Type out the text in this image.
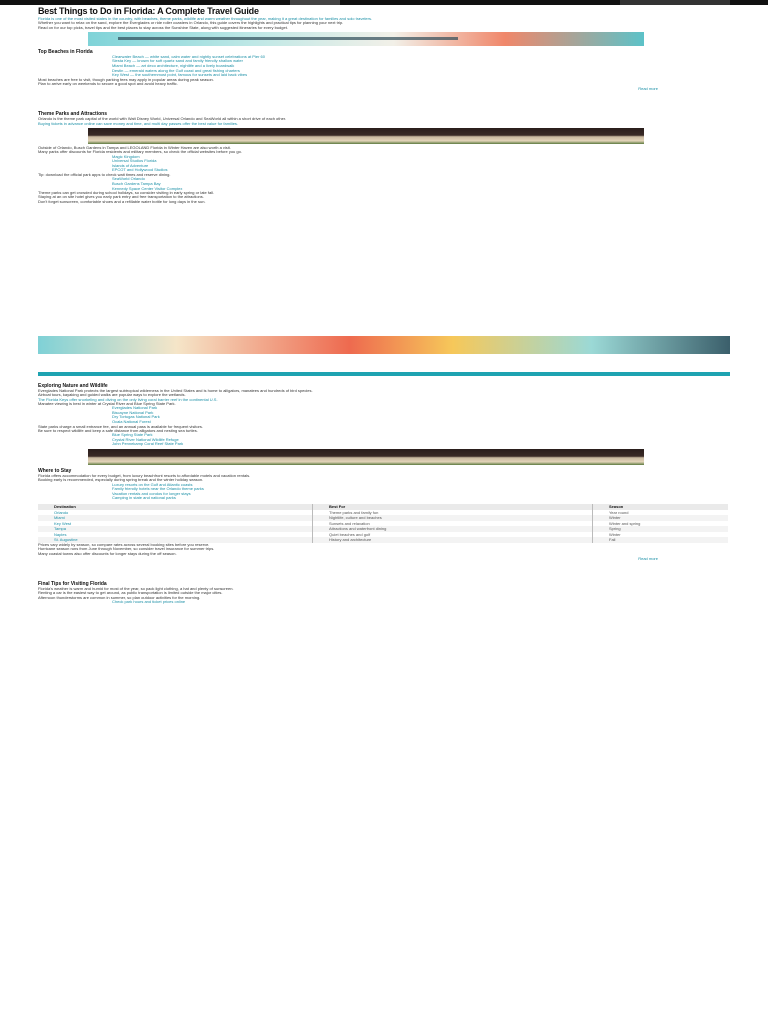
Best Things to Do in Florida: A Complete Travel Guide
Florida is one of the most visited states in the country, with beaches, theme parks, wildlife and warm weather throughout the year, making it a great destination for families and solo travelers.
Whether you want to relax on the sand, explore the Everglades or ride roller coasters in Orlando, this guide covers the highlights and practical tips for planning your next trip.
Read on for our top picks, travel tips and the best places to stay across the Sunshine State, along with suggested itineraries for every budget.
Top Beaches in Florida
Clearwater Beach — white sand, calm water and nightly sunset celebrations at Pier 60
Siesta Key — known for soft quartz sand and family friendly shallow water
Miami Beach — art deco architecture, nightlife and a lively boardwalk
Destin — emerald waters along the Gulf coast and great fishing charters
Key West — the southernmost point, famous for sunsets and laid back vibes
Most beaches are free to visit, though parking fees may apply in popular areas during peak season.
Plan to arrive early on weekends to secure a good spot and avoid heavy traffic.
Read more
Theme Parks and Attractions
Orlando is the theme park capital of the world with Walt Disney World, Universal Orlando and SeaWorld all within a short drive of each other.
Buying tickets in advance online can save money and time, and multi day passes offer the best value for families.
Outside of Orlando, Busch Gardens in Tampa and LEGOLAND Florida in Winter Haven are also worth a visit.
Many parks offer discounts for Florida residents and military members, so check the official websites before you go.
Magic Kingdom
Universal Studios Florida
Islands of Adventure
EPCOT and Hollywood Studios
Tip: download the official park apps to check wait times and reserve dining.
SeaWorld Orlando
Busch Gardens Tampa Bay
Kennedy Space Center Visitor Complex
Theme parks can get crowded during school holidays, so consider visiting in early spring or late fall.
Staying at an on site hotel gives you early park entry and free transportation to the attractions.
Don't forget sunscreen, comfortable shoes and a refillable water bottle for long days in the sun.
Exploring Nature and Wildlife
Everglades National Park protects the largest subtropical wilderness in the United States and is home to alligators, manatees and hundreds of bird species.
Airboat tours, kayaking and guided walks are popular ways to explore the wetlands.
The Florida Keys offer snorkeling and diving on the only living coral barrier reef in the continental U.S.
Manatee viewing is best in winter at Crystal River and Blue Spring State Park.
Everglades National Park
Biscayne National Park
Dry Tortugas National Park
Ocala National Forest
State parks charge a small entrance fee, and an annual pass is available for frequent visitors.
Be sure to respect wildlife and keep a safe distance from alligators and nesting sea turtles.
Blue Spring State Park
Crystal River National Wildlife Refuge
John Pennekamp Coral Reef State Park
Where to Stay
Florida offers accommodation for every budget, from luxury beachfront resorts to affordable motels and vacation rentals.
Booking early is recommended, especially during spring break and the winter holiday season.
Luxury resorts on the Gulf and Atlantic coasts
Family friendly hotels near the Orlando theme parks
Vacation rentals and condos for longer stays
Camping in state and national parks
Destination	Best For	Season
Orlando	Theme parks and family fun	Year round
Miami	Nightlife, culture and beaches	Winter
Key West	Sunsets and relaxation	Winter and spring
Tampa	Attractions and waterfront dining	Spring
Naples	Quiet beaches and golf	Winter
St. Augustine	History and architecture	Fall
Prices vary widely by season, so compare rates across several booking sites before you reserve.
Hurricane season runs from June through November, so consider travel insurance for summer trips.
Many coastal towns also offer discounts for longer stays during the off season.
Read more
Final Tips for Visiting Florida
Florida's weather is warm and humid for most of the year, so pack light clothing, a hat and plenty of sunscreen.
Renting a car is the easiest way to get around, as public transportation is limited outside the major cities.
Afternoon thunderstorms are common in summer, so plan outdoor activities for the morning.
Check park hours and ticket prices online
